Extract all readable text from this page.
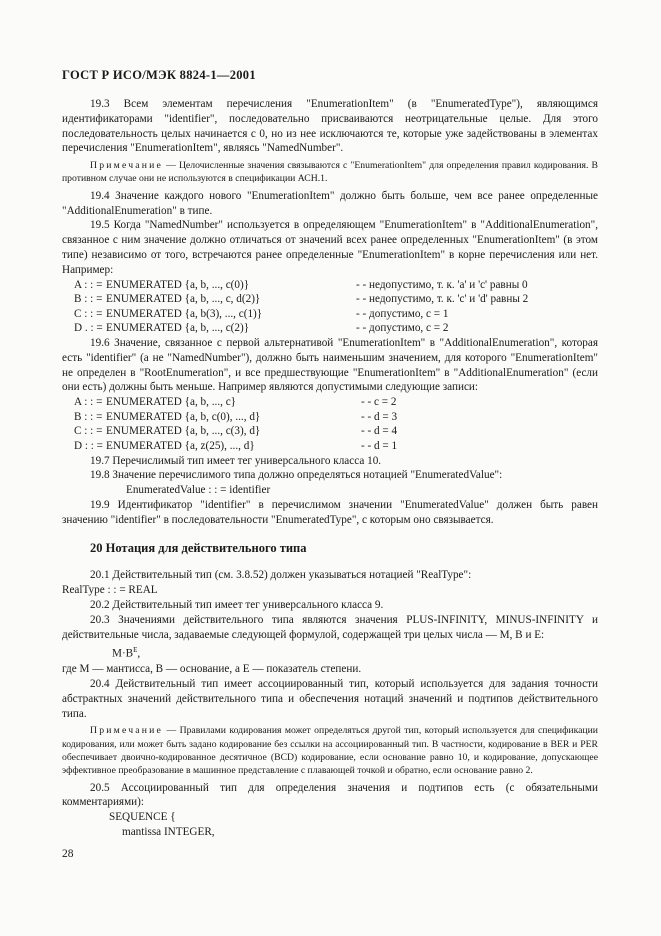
ГОСТ Р ИСО/МЭК 8824-1—2001

19.3 Всем элементам перечисления "EnumerationItem" (в "EnumeratedType"), являющимся идентификаторами "identifier", последовательно присваиваются неотрицательные целые. Для этого последовательность целых начинается с 0, но из нее исключаются те, которые уже задействованы в элементах перечисления "EnumerationItem", являясь "NamedNumber".

Примечание — Целочисленные значения связываются с "EnumerationItem" для определения правил кодирования. В противном случае они не используются в спецификации АСН.1.

19.4 Значение каждого нового "EnumerationItem" должно быть больше, чем все ранее определенные "AdditionalEnumeration" в типе.

19.5 Когда "NamedNumber" используется в определяющем "EnumerationItem" в "AdditionalEnumeration", связанное с ним значение должно отличаться от значений всех ранее определенных "EnumerationItem" (в этом типе) независимо от того, встречаются ранее определенные "EnumerationItem" в корне перечисления или нет. Например:

A : : =	ENUMERATED {a, b, ..., c(0)}	- - недопустимо, т. к. 'a' и 'c' равны 0
B : : =	ENUMERATED {a, b, ..., c, d(2)}	- - недопустимо, т. к. 'c' и 'd' равны 2
C : : =	ENUMERATED {a, b(3), ..., c(1)}	- - допустимо, c = 1
D . : =	ENUMERATED {a, b, ..., c(2)}	- - допустимо, c = 2

19.6 Значение, связанное с первой альтернативой "EnumerationItem" в "AdditionalEnumeration", которая есть "identifier" (а не "NamedNumber"), должно быть наименьшим значением, для которого "EnumerationItem" не определен в "RootEnumeration", и все предшествующие "EnumerationItem" в "AdditionalEnumeration" (если они есть) должны быть меньше. Например являются допустимыми следующие записи:

A : : =	ENUMERATED {a, b, ..., c}	- - c = 2
B : : =	ENUMERATED {a, b, c(0), ..., d}	- - d = 3
C : : =	ENUMERATED {a, b, ..., c(3), d}	- - d = 4
D : : =	ENUMERATED {a, z(25), ..., d}	- - d = 1

19.7 Перечислимый тип имеет тег универсального класса 10.

19.8 Значение перечислимого типа должно определяться нотацией "EnumeratedValue":

EnumeratedValue : : = identifier

19.9 Идентификатор "identifier" в перечислимом значении "EnumeratedValue" должен быть равен значению "identifier" в последовательности "EnumeratedType", с которым оно связывается.

20 Нотация для действительного типа

20.1 Действительный тип (см. 3.8.52) должен указываться нотацией "RealType":

RealType : : = REAL

20.2 Действительный тип имеет тег универсального класса 9.

20.3 Значениями действительного типа являются значения PLUS-INFINITY, MINUS-INFINITY и действительные числа, задаваемые следующей формулой, содержащей три целых числа — M, B и E:

$M\cdot B^E$,

где M — мантисса, B — основание, а E — показатель степени.

20.4 Действительный тип имеет ассоциированный тип, который используется для задания точности абстрактных значений действительного типа и обеспечения нотаций значений и подтипов действительного типа.

Примечание — Правилами кодирования может определяться другой тип, который используется для спецификации кодирования, или может быть задано кодирование без ссылки на ассоциированный тип. В частности, кодирование в BER и PER обеспечивает двоично-кодированное десятичное (BCD) кодирование, если основание равно 10, и кодирование, допускающее эффективное преобразование в машинное представление с плавающей точкой и обратно, если основание равно 2.

20.5 Ассоциированный тип для определения значения и подтипов есть (с обязательными комментариями):

SEQUENCE {
mantissa INTEGER,
28
